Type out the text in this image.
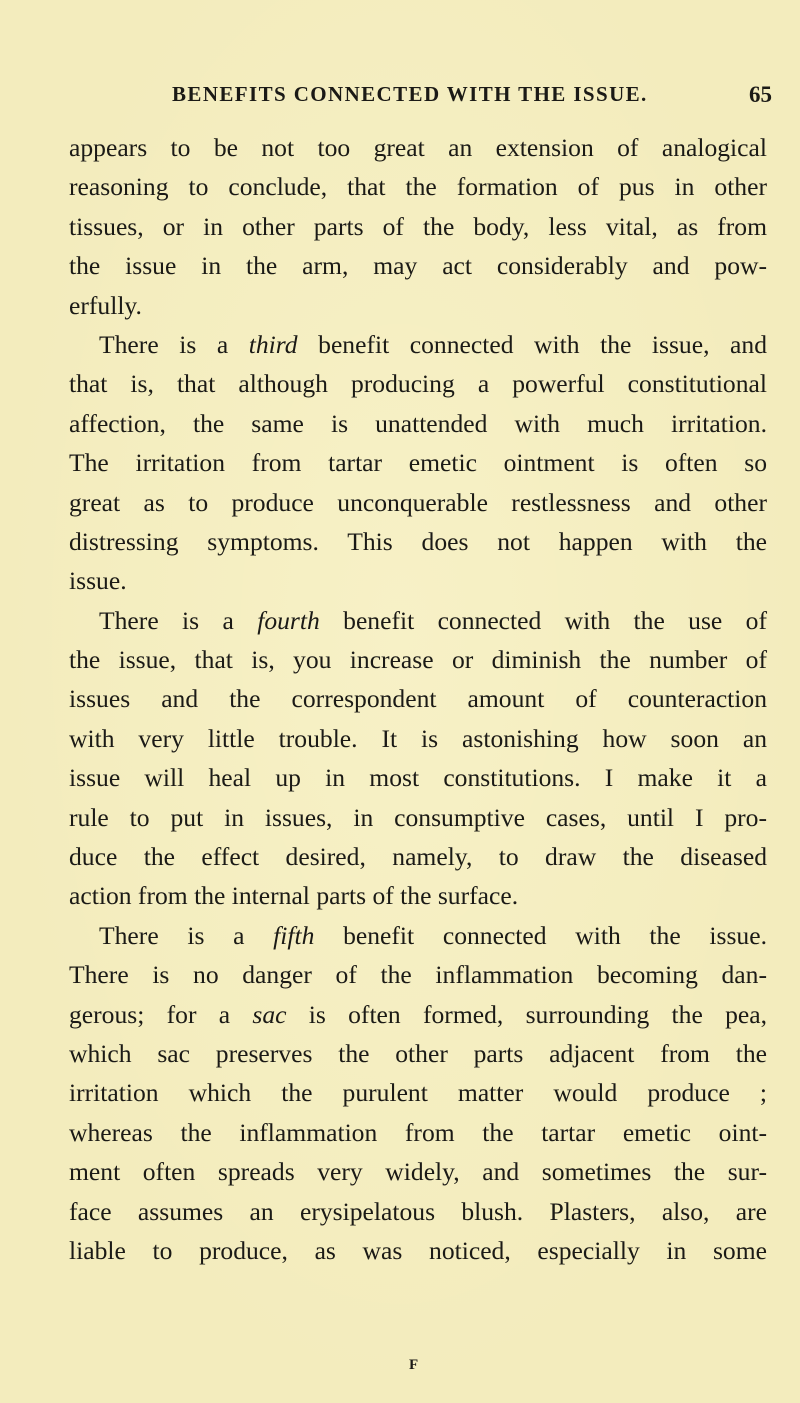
BENEFITS CONNECTED WITH THE ISSUE.	65
appears to be not too great an extension of analogical
reasoning to conclude, that the formation of pus in other
tissues, or in other parts of the body, less vital, as from
the issue in the arm, may act considerably and pow-
erfully.
There is a third benefit connected with the issue, and
that is, that although producing a powerful constitutional
affection, the same is unattended with much irritation.
The irritation from tartar emetic ointment is often so
great as to produce unconquerable restlessness and other
distressing symptoms. This does not happen with the
issue.
There is a fourth benefit connected with the use of
the issue, that is, you increase or diminish the number of
issues and the correspondent amount of counteraction
with very little trouble. It is astonishing how soon an
issue will heal up in most constitutions. I make it a
rule to put in issues, in consumptive cases, until I pro-
duce the effect desired, namely, to draw the diseased
action from the internal parts of the surface.
There is a fifth benefit connected with the issue.
There is no danger of the inflammation becoming dan-
gerous; for a sac is often formed, surrounding the pea,
which sac preserves the other parts adjacent from the
irritation which the purulent matter would produce ;
whereas the inflammation from the tartar emetic oint-
ment often spreads very widely, and sometimes the sur-
face assumes an erysipelatous blush. Plasters, also, are
liable to produce, as was noticed, especially in some
F
